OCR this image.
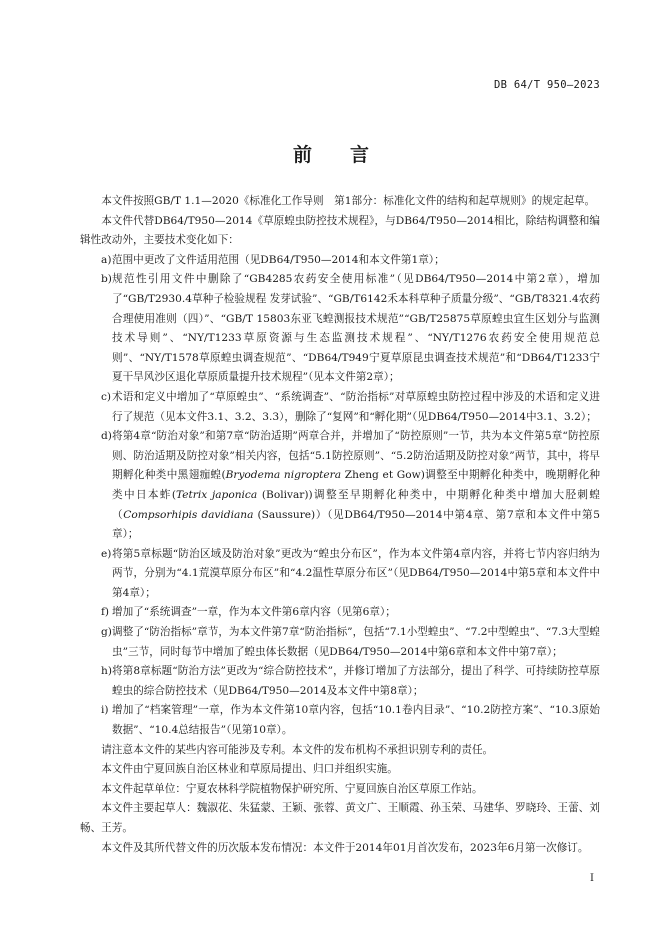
DB 64/T 950—2023
前言

本文件按照GB/T 1.1—2020《标准化工作导则　第1部分：标准化文件的结构和起草规则》的规定起草。

本文件代替DB64/T950—2014《草原蝗虫防控技术规程》，与DB64/T950—2014相比，除结构调整和编辑性改动外，主要技术变化如下：

a) 范围中更改了文件适用范围（见DB64/T950—2014和本文件第1章）；
b) 规范性引用文件中删除了“GB4285农药安全使用标准”（见DB64/T950—2014中第2章），增加了“GB/T2930.4草种子检验规程 发芽试验”、“GB/T6142禾本科草种子质量分级”、“GB/T8321.4农药合理使用准则（四）”、“GB/T 15803东亚飞蝗测报技术规范”“GB/T25875草原蝗虫宜生区划分与监测技术导则”、“NY/T1233草原资源与生态监测技术规程”、“NY/T1276农药安全使用规范总则”、“NY/T1578草原蝗虫调查规范”、“DB64/T949宁夏草原昆虫调查技术规范”和“DB64/T1233宁夏干旱风沙区退化草原质量提升技术规程”（见本文件第2章）；
c) 术语和定义中增加了“草原蝗虫”、“系统调查”、“防治指标”对草原蝗虫防控过程中涉及的术语和定义进行了规范（见本文件3.1、3.2、3.3），删除了“复网”和“孵化期”（见DB64/T950—2014中3.1、3.2）；
d) 将第4章“防治对象”和第7章“防治适期”两章合并，并增加了“防控原则”一节，共为本文件第5章“防控原则、防治适期及防控对象”相关内容，包括“5.1防控原则”、“5.2防治适期及防控对象”两节，其中，将早期孵化种类中黑翅痂蝗(Bryodema nigroptera Zheng et Gow)调整至中期孵化种类中，晚期孵化种类中日本蚱(Tetrix japonica (Bolivar))调整至早期孵化种类中，中期孵化种类中增加大胫刺蝗（Compsorhipis davidiana (Saussure)）（见DB64/T950—2014中第4章、第7章和本文件中第5章）；
e) 将第5章标题“防治区域及防治对象”更改为“蝗虫分布区”，作为本文件第4章内容，并将七节内容归纳为两节，分别为“4.1荒漠草原分布区”和“4.2温性草原分布区”（见DB64/T950—2014中第5章和本文件中第4章）；
f) 增加了“系统调查”一章，作为本文件第6章内容（见第6章）；
g) 调整了“防治指标”章节，为本文件第7章“防治指标”，包括“7.1小型蝗虫”、“7.2中型蝗虫”、“7.3大型蝗虫”三节，同时每节中增加了蝗虫体长数据（见DB64/T950—2014中第6章和本文件中第7章）；
h) 将第8章标题“防治方法”更改为“综合防控技术”，并修订增加了方法部分，提出了科学、可持续防控草原蝗虫的综合防控技术（见DB64/T950—2014及本文件中第8章）；
i) 增加了“档案管理”一章，作为本文件第10章内容，包括“10.1卷内目录”、“10.2防控方案”、“10.3原始数据”、“10.4总结报告”（见第10章）。

请注意本文件的某些内容可能涉及专利。本文件的发布机构不承担识别专利的责任。

本文件由宁夏回族自治区林业和草原局提出、归口并组织实施。

本文件起草单位：宁夏农林科学院植物保护研究所、宁夏回族自治区草原工作站。

本文件主要起草人：魏淑花、朱猛蒙、王颖、张蓉、黄文广、王顺霞、孙玉荣、马建华、罗晓玲、王蕾、刘畅、王芳。

本文件及其所代替文件的历次版本发布情况：本文件于2014年01月首次发布，2023年6月第一次修订。

I
